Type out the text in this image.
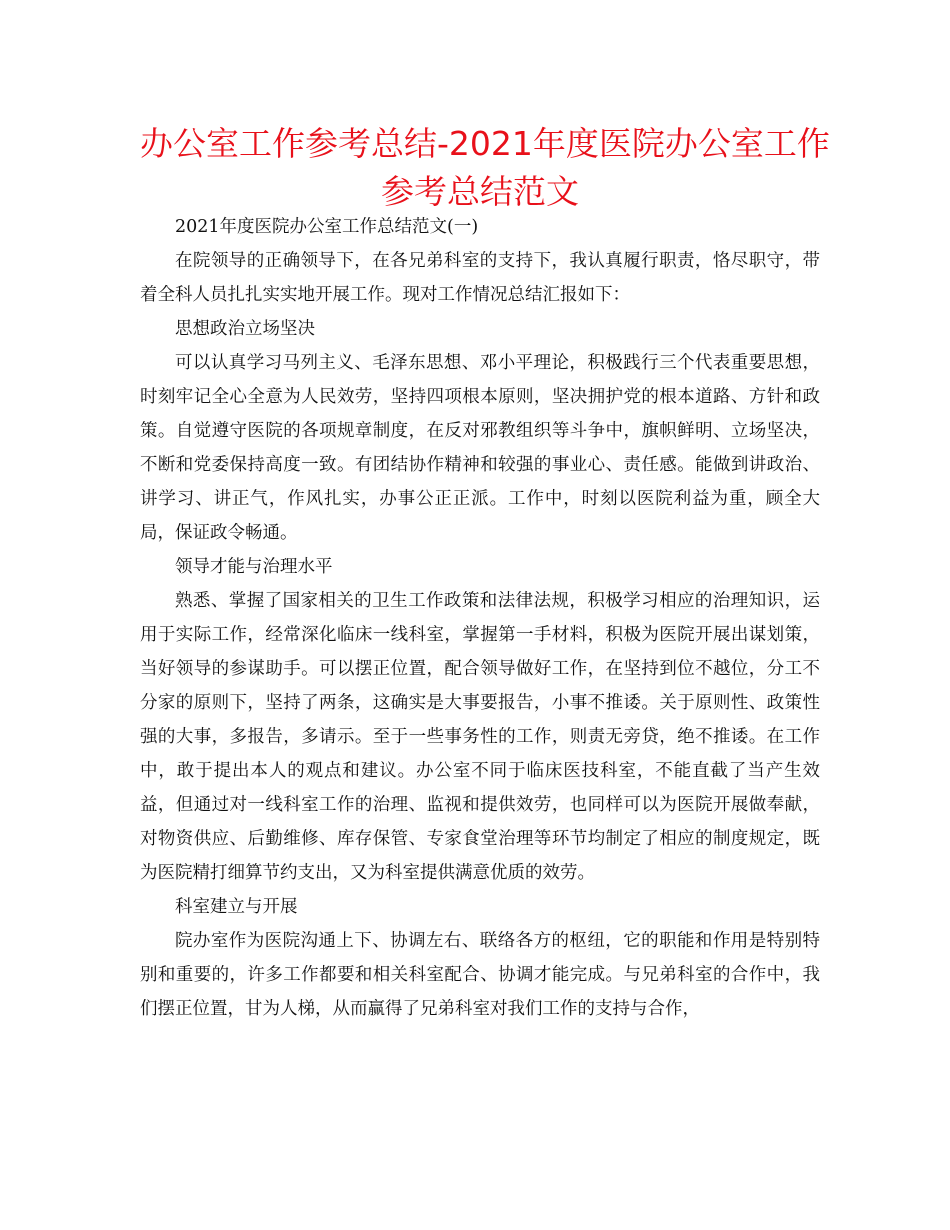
办公室工作参考总结-2021年度医院办公室工作
参考总结范文

2021年度医院办公室工作总结范文(一)

在院领导的正确领导下，在各兄弟科室的支持下，我认真履行职责，恪尽职守，带着全科人员扎扎实实地开展工作。现对工作情况总结汇报如下：

思想政治立场坚决

可以认真学习马列主义、毛泽东思想、邓小平理论，积极践行三个代表重要思想，时刻牢记全心全意为人民效劳，坚持四项根本原则，坚决拥护党的根本道路、方针和政策。自觉遵守医院的各项规章制度，在反对邪教组织等斗争中，旗帜鲜明、立场坚决，不断和党委保持高度一致。有团结协作精神和较强的事业心、责任感。能做到讲政治、讲学习、讲正气，作风扎实，办事公正正派。工作中，时刻以医院利益为重，顾全大局，保证政令畅通。

领导才能与治理水平

熟悉、掌握了国家相关的卫生工作政策和法律法规，积极学习相应的治理知识，运用于实际工作，经常深化临床一线科室，掌握第一手材料，积极为医院开展出谋划策，当好领导的参谋助手。可以摆正位置，配合领导做好工作，在坚持到位不越位，分工不分家的原则下，坚持了两条，这确实是大事要报告，小事不推诿。关于原则性、政策性强的大事，多报告，多请示。至于一些事务性的工作，则责无旁贷，绝不推诿。在工作中，敢于提出本人的观点和建议。办公室不同于临床医技科室，不能直截了当产生效益，但通过对一线科室工作的治理、监视和提供效劳，也同样可以为医院开展做奉献，对物资供应、后勤维修、库存保管、专家食堂治理等环节均制定了相应的制度规定，既为医院精打细算节约支出，又为科室提供满意优质的效劳。

科室建立与开展

院办室作为医院沟通上下、协调左右、联络各方的枢纽，它的职能和作用是特别特别和重要的，许多工作都要和相关科室配合、协调才能完成。与兄弟科室的合作中，我们摆正位置，甘为人梯，从而赢得了兄弟科室对我们工作的支持与合作，
